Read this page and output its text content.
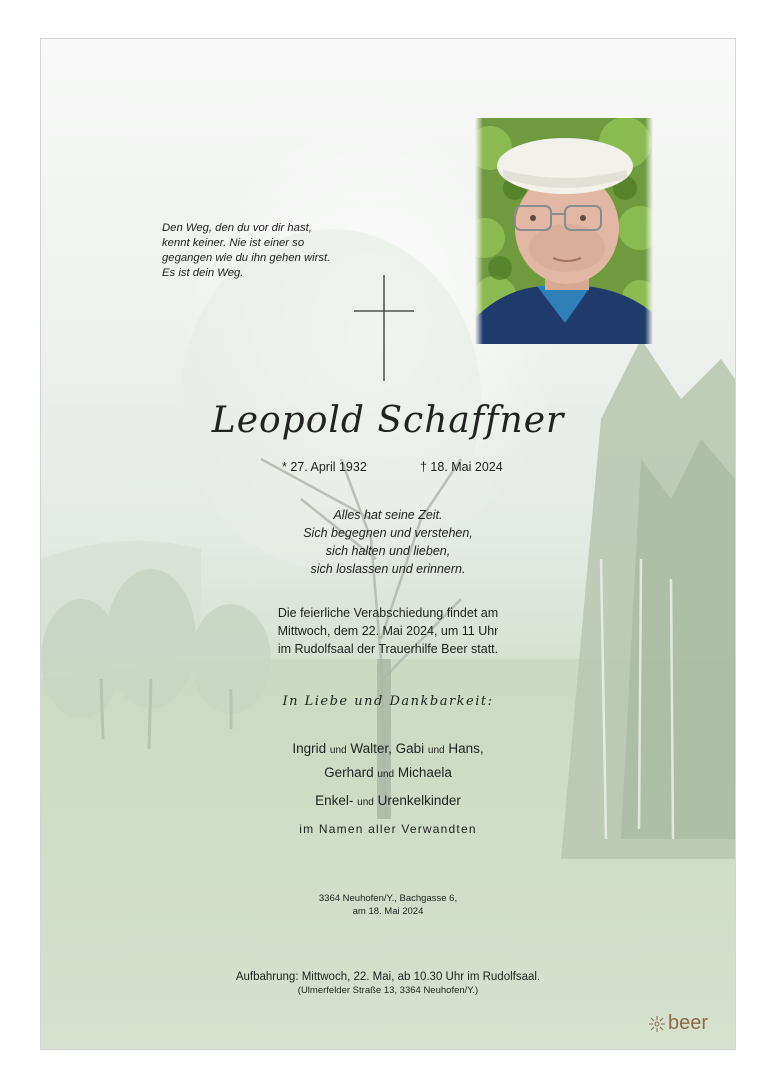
Den Weg, den du vor dir hast,
kennt keiner. Nie ist einer so
gegangen wie du ihn gehen wirst.
Es ist dein Weg.
Leopold Schaffner
* 27. April 1932	† 18. Mai 2024
Alles hat seine Zeit.
Sich begegnen und verstehen,
sich halten und lieben,
sich loslassen und erinnern.
Die feierliche Verabschiedung findet am
Mittwoch, dem 22. Mai 2024, um 11 Uhr
im Rudolfsaal der Trauerhilfe Beer statt.
In Liebe und Dankbarkeit:
Ingrid und Walter, Gabi und Hans,
Gerhard und Michaela
Enkel- und Urenkelkinder
im Namen aller Verwandten
3364 Neuhofen/Y., Bachgasse 6,
am 18. Mai 2024
Aufbahrung: Mittwoch, 22. Mai, ab 10.30 Uhr im Rudolfsaal.
(Ulmerfelder Straße 13, 3364 Neuhofen/Y.)
beer
